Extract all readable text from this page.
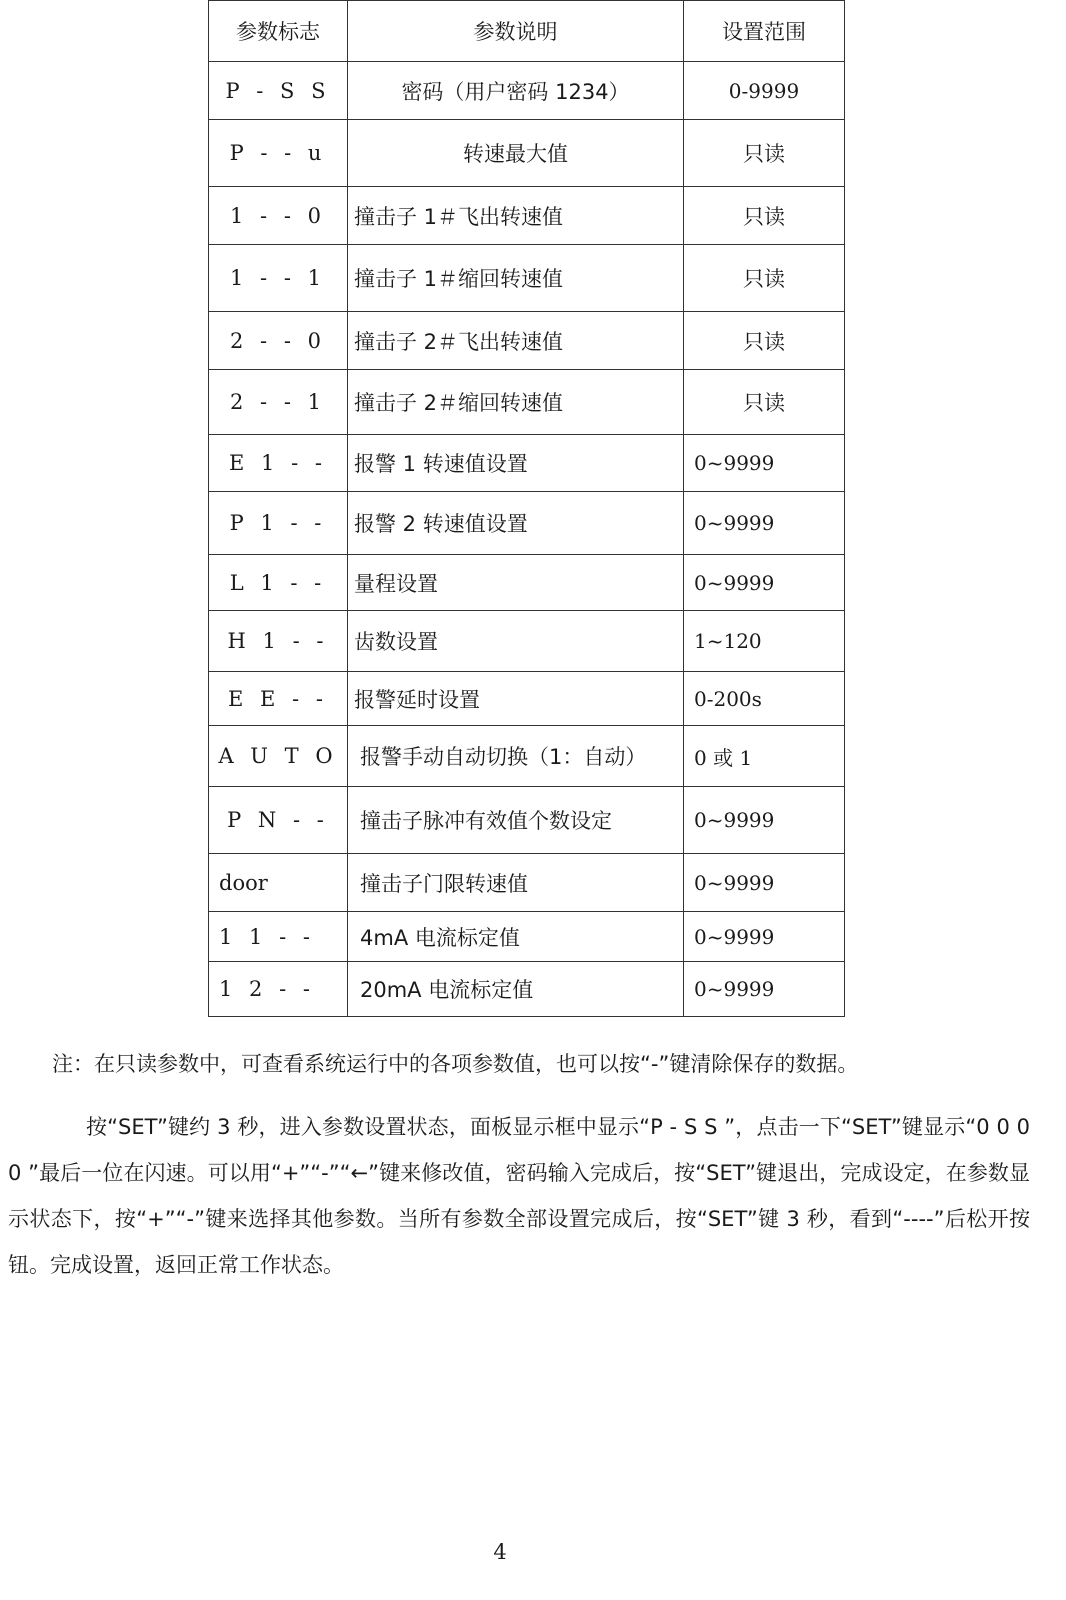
参数标志	参数说明	设置范围
P - S S	密码（用户密码 1234）	0-9999
P - - u	转速最大值	只读
1 - - 0	撞击子 1＃飞出转速值	只读
1 - - 1	撞击子 1＃缩回转速值	只读
2 - - 0	撞击子 2＃飞出转速值	只读
2 - - 1	撞击子 2＃缩回转速值	只读
E 1 - -	报警 1 转速值设置	0~9999
P 1 - -	报警 2 转速值设置	0~9999
L 1 - -	量程设置	0~9999
H 1 - -	齿数设置	1~120
E E - -	报警延时设置	0-200s
A U T O	报警手动自动切换（1：自动）	0 或 1
P N - -	撞击子脉冲有效值个数设定	0~9999
door	撞击子门限转速值	0~9999
1 1 - -	4mA 电流标定值	0~9999
1 2 - -	20mA 电流标定值	0~9999
注：在只读参数中，可查看系统运行中的各项参数值，也可以按“-”键清除保存的数据。
按“SET”键约 3 秒，进入参数设置状态，面板显示框中显示“P - S S ”，点击一下“SET”键显示“0 0 0 0 ”最后一位在闪速。可以用“+”“-”“←”键来修改值，密码输入完成后，按“SET”键退出，完成设定，在参数显示状态下，按“+”“-”键来选择其他参数。当所有参数全部设置完成后，按“SET”键 3 秒，看到“----”后松开按钮。完成设置，返回正常工作状态。
4
